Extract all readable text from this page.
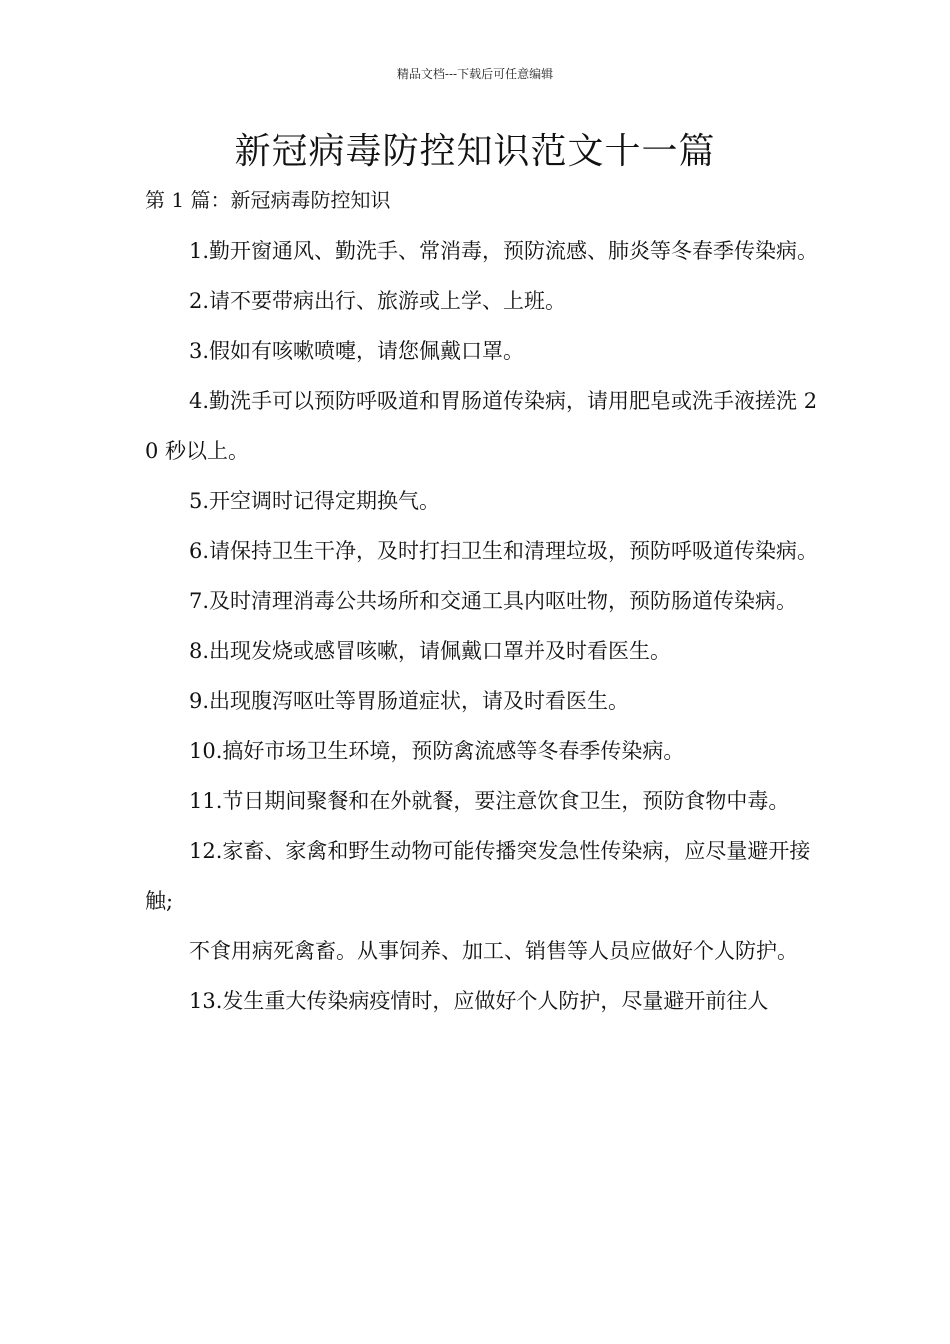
精品文档---下载后可任意编辑
新冠病毒防控知识范文十一篇
第 1 篇：新冠病毒防控知识

1.勤开窗通风、勤洗手、常消毒，预防流感、肺炎等冬春季传染病。

2.请不要带病出行、旅游或上学、上班。

3.假如有咳嗽喷嚏，请您佩戴口罩。

4.勤洗手可以预防呼吸道和胃肠道传染病，请用肥皂或洗手液搓洗 20 秒以上。

5.开空调时记得定期换气。

6.请保持卫生干净，及时打扫卫生和清理垃圾，预防呼吸道传染病。

7.及时清理消毒公共场所和交通工具内呕吐物，预防肠道传染病。

8.出现发烧或感冒咳嗽，请佩戴口罩并及时看医生。

9.出现腹泻呕吐等胃肠道症状，请及时看医生。

10.搞好市场卫生环境，预防禽流感等冬春季传染病。

11.节日期间聚餐和在外就餐，要注意饮食卫生，预防食物中毒。

12.家畜、家禽和野生动物可能传播突发急性传染病，应尽量避开接触;

不食用病死禽畜。从事饲养、加工、销售等人员应做好个人防护。

13.发生重大传染病疫情时，应做好个人防护，尽量避开前往人
